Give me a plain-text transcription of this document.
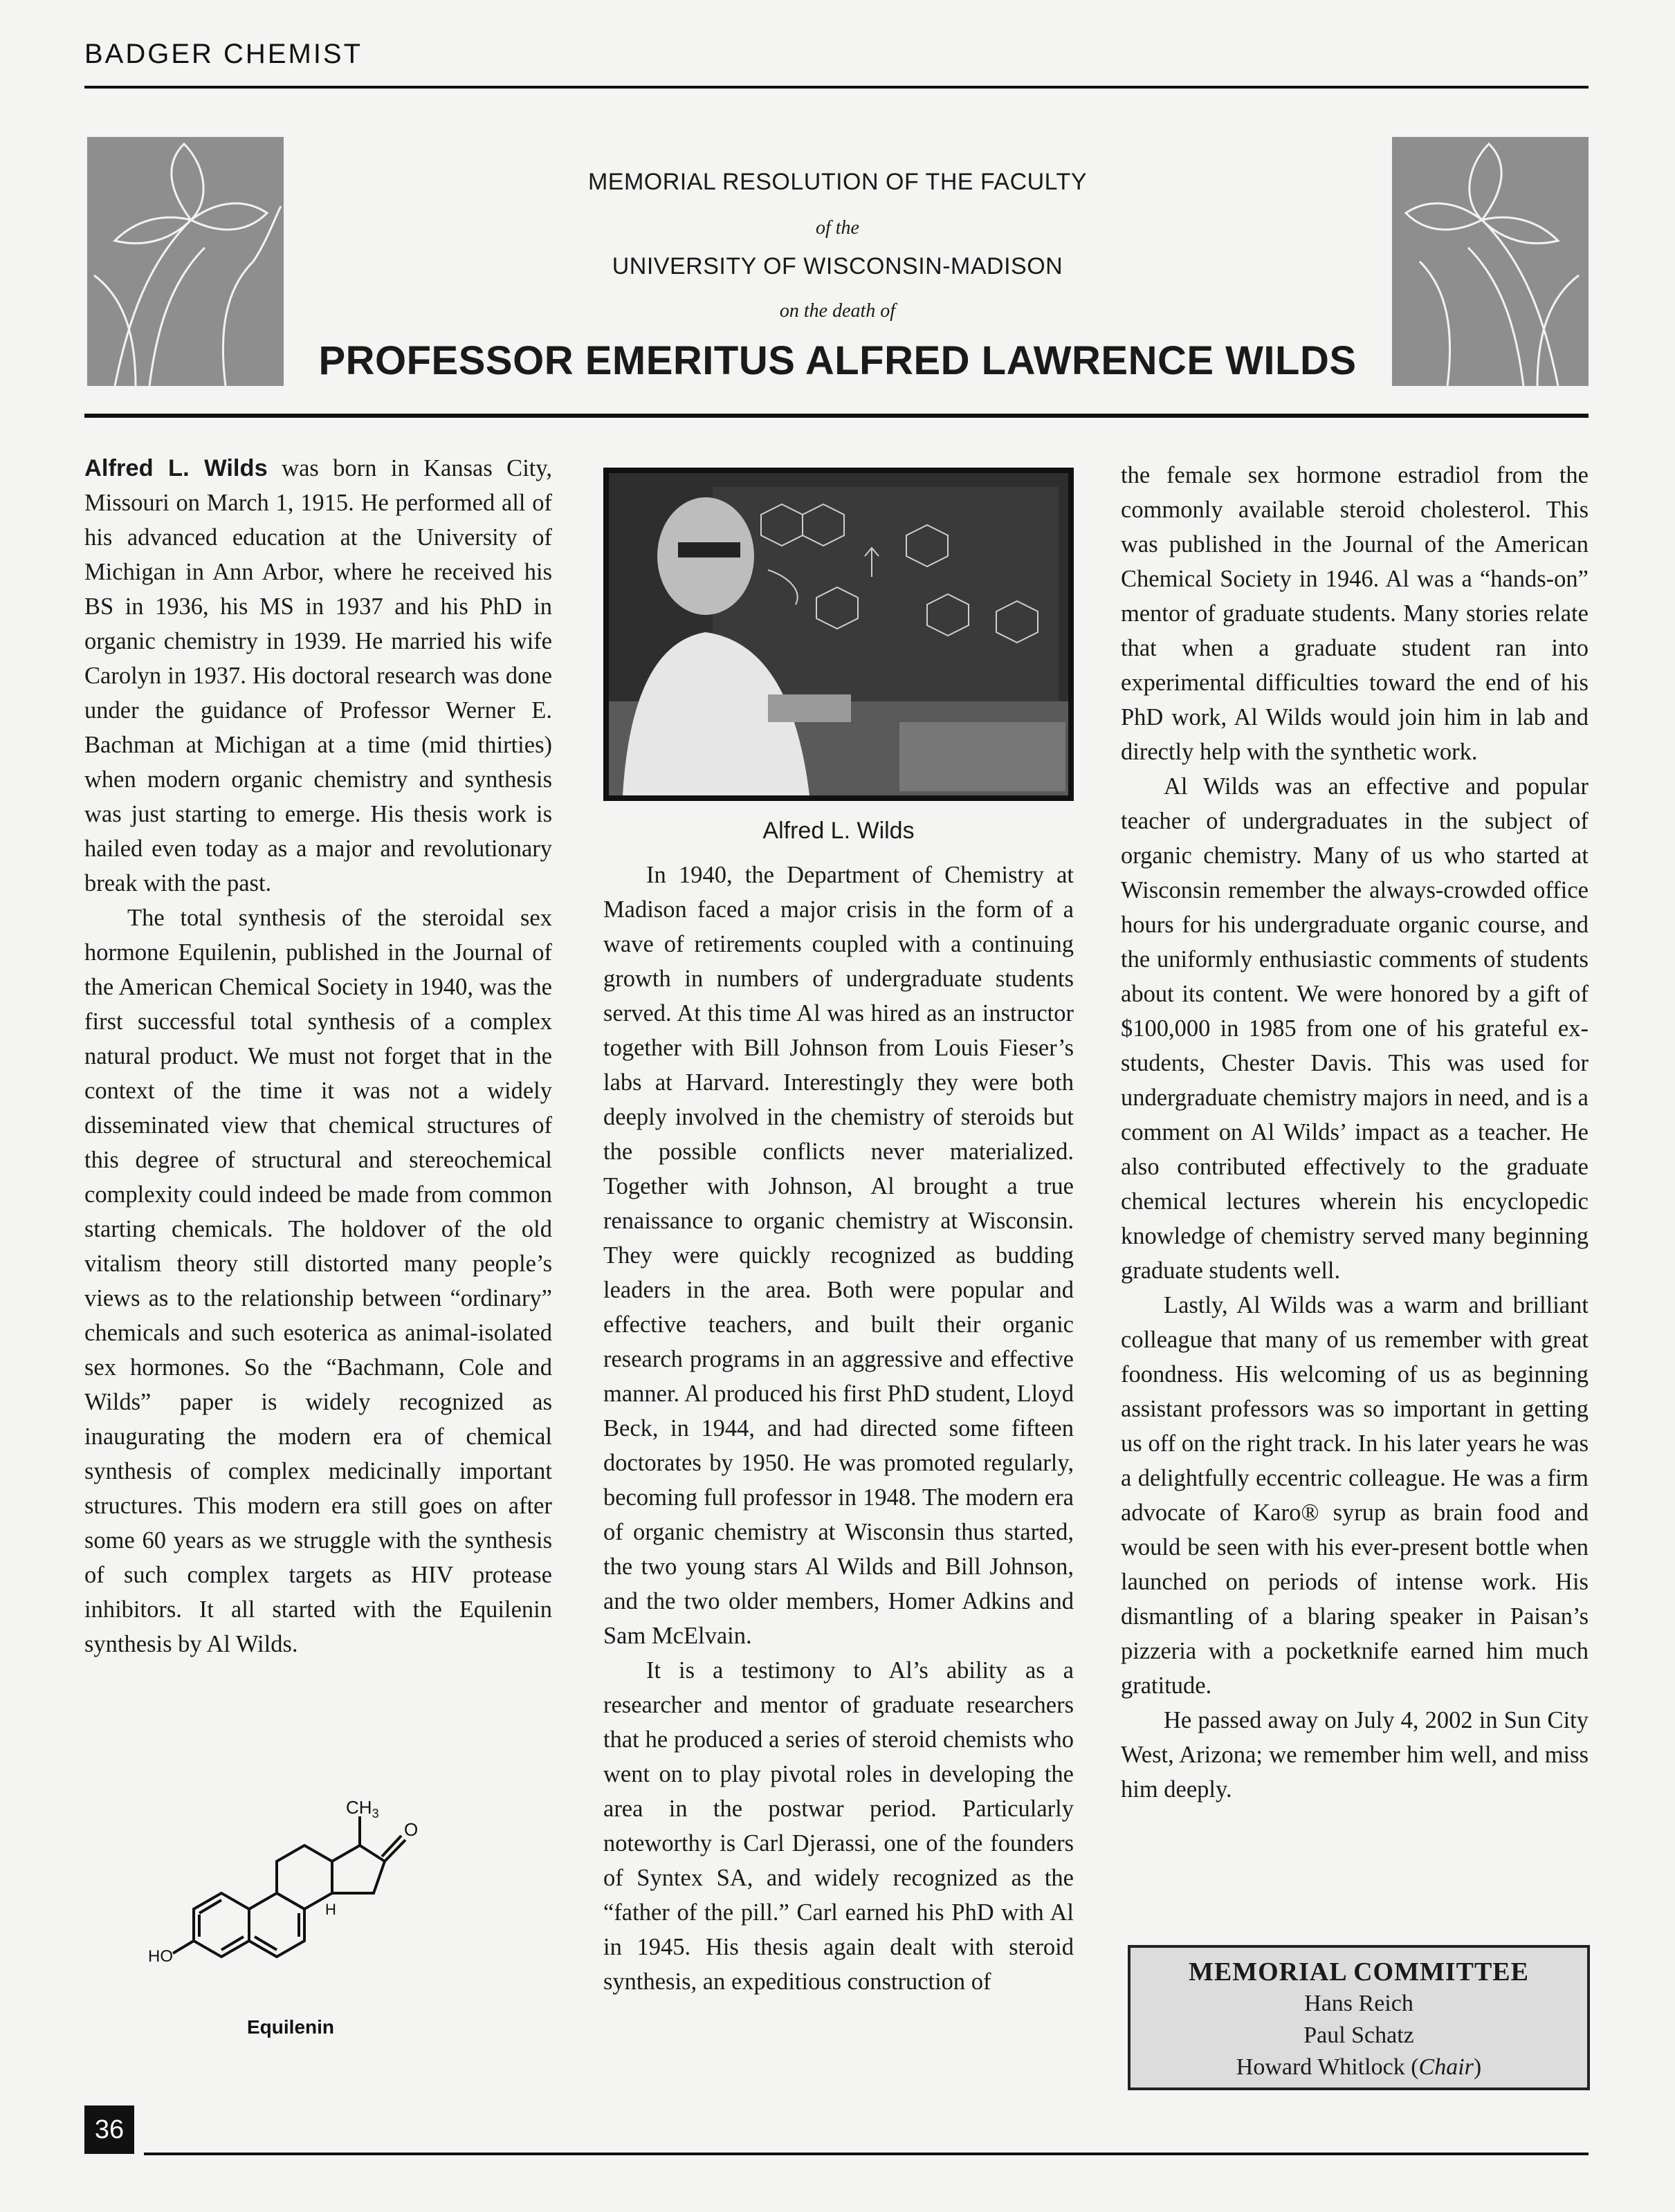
BADGER CHEMIST
MEMORIAL RESOLUTION OF THE FACULTY
of the
UNIVERSITY OF WISCONSIN-MADISON
on the death of
PROFESSOR EMERITUS ALFRED LAWRENCE WILDS

Alfred L. Wilds was born in Kansas City, Missouri on March 1, 1915. He performed all of his advanced education at the University of Michigan in Ann Arbor, where he received his BS in 1936, his MS in 1937 and his PhD in organic chemistry in 1939. He married his wife Carolyn in 1937. His doctoral research was done under the guidance of Professor Werner E. Bachman at Michigan at a time (mid thirties) when modern organic chemistry and synthesis was just starting to emerge. His thesis work is hailed even today as a major and revolutionary break with the past.

The total synthesis of the steroidal sex hormone Equilenin, published in the Journal of the American Chemical Society in 1940, was the first successful total synthesis of a complex natural product. We must not forget that in the context of the time it was not a widely disseminated view that chemical structures of this degree of structural and stereochemical complexity could indeed be made from common starting chemicals. The holdover of the old vitalism theory still distorted many people’s views as to the relationship between “ordinary” chemicals and such esoterica as animal-isolated sex hormones. So the “Bachmann, Cole and Wilds” paper is widely recognized as inaugurating the modern era of chemical synthesis of complex medicinally important structures. This modern era still goes on after some 60 years as we struggle with the synthesis of such complex targets as HIV protease inhibitors. It all started with the Equilenin synthesis by Al Wilds.

$CH_3$
O
HO
H
Equilenin
Alfred L. Wilds

In 1940, the Department of Chemistry at Madison faced a major crisis in the form of a wave of retirements coupled with a continuing growth in numbers of undergraduate students served. At this time Al was hired as an instructor together with Bill Johnson from Louis Fieser’s labs at Harvard. Interestingly they were both deeply involved in the chemistry of steroids but the possible conflicts never materialized. Together with Johnson, Al brought a true renaissance to organic chemistry at Wisconsin. They were quickly recognized as budding leaders in the area. Both were popular and effective teachers, and built their organic research programs in an aggressive and effective manner. Al produced his first PhD student, Lloyd Beck, in 1944, and had directed some fifteen doctorates by 1950. He was promoted regularly, becoming full professor in 1948. The modern era of organic chemistry at Wisconsin thus started, the two young stars Al Wilds and Bill Johnson, and the two older members, Homer Adkins and Sam McElvain.

It is a testimony to Al’s ability as a researcher and mentor of graduate researchers that he produced a series of steroid chemists who went on to play pivotal roles in developing the area in the postwar period. Particularly noteworthy is Carl Djerassi, one of the founders of Syntex SA, and widely recognized as the “father of the pill.” Carl earned his PhD with Al in 1945. His thesis again dealt with steroid synthesis, an expeditious construction of

the female sex hormone estradiol from the commonly available steroid cholesterol. This was published in the Journal of the American Chemical Society in 1946. Al was a “hands-on” mentor of graduate students. Many stories relate that when a graduate student ran into experimental difficulties toward the end of his PhD work, Al Wilds would join him in lab and directly help with the synthetic work.

Al Wilds was an effective and popular teacher of undergraduates in the subject of organic chemistry. Many of us who started at Wisconsin remember the always-crowded office hours for his undergraduate organic course, and the uniformly enthusiastic comments of students about its content. We were honored by a gift of $100,000 in 1985 from one of his grateful ex-students, Chester Davis. This was used for undergraduate chemistry majors in need, and is a comment on Al Wilds’ impact as a teacher. He also contributed effectively to the graduate chemical lectures wherein his encyclopedic knowledge of chemistry served many beginning graduate students well.

Lastly, Al Wilds was a warm and brilliant colleague that many of us remember with great foondness. His welcoming of us as beginning assistant professors was so important in getting us off on the right track. In his later years he was a delightfully eccentric colleague. He was a firm advocate of Karo® syrup as brain food and would be seen with his ever-present bottle when launched on periods of intense work. His dismantling of a blaring speaker in Paisan’s pizzeria with a pocketknife earned him much gratitude.

He passed away on July 4, 2002 in Sun City West, Arizona; we remember him well, and miss him deeply.

MEMORIAL COMMITTEE
Hans Reich
Paul Schatz
Howard Whitlock (Chair)
36
